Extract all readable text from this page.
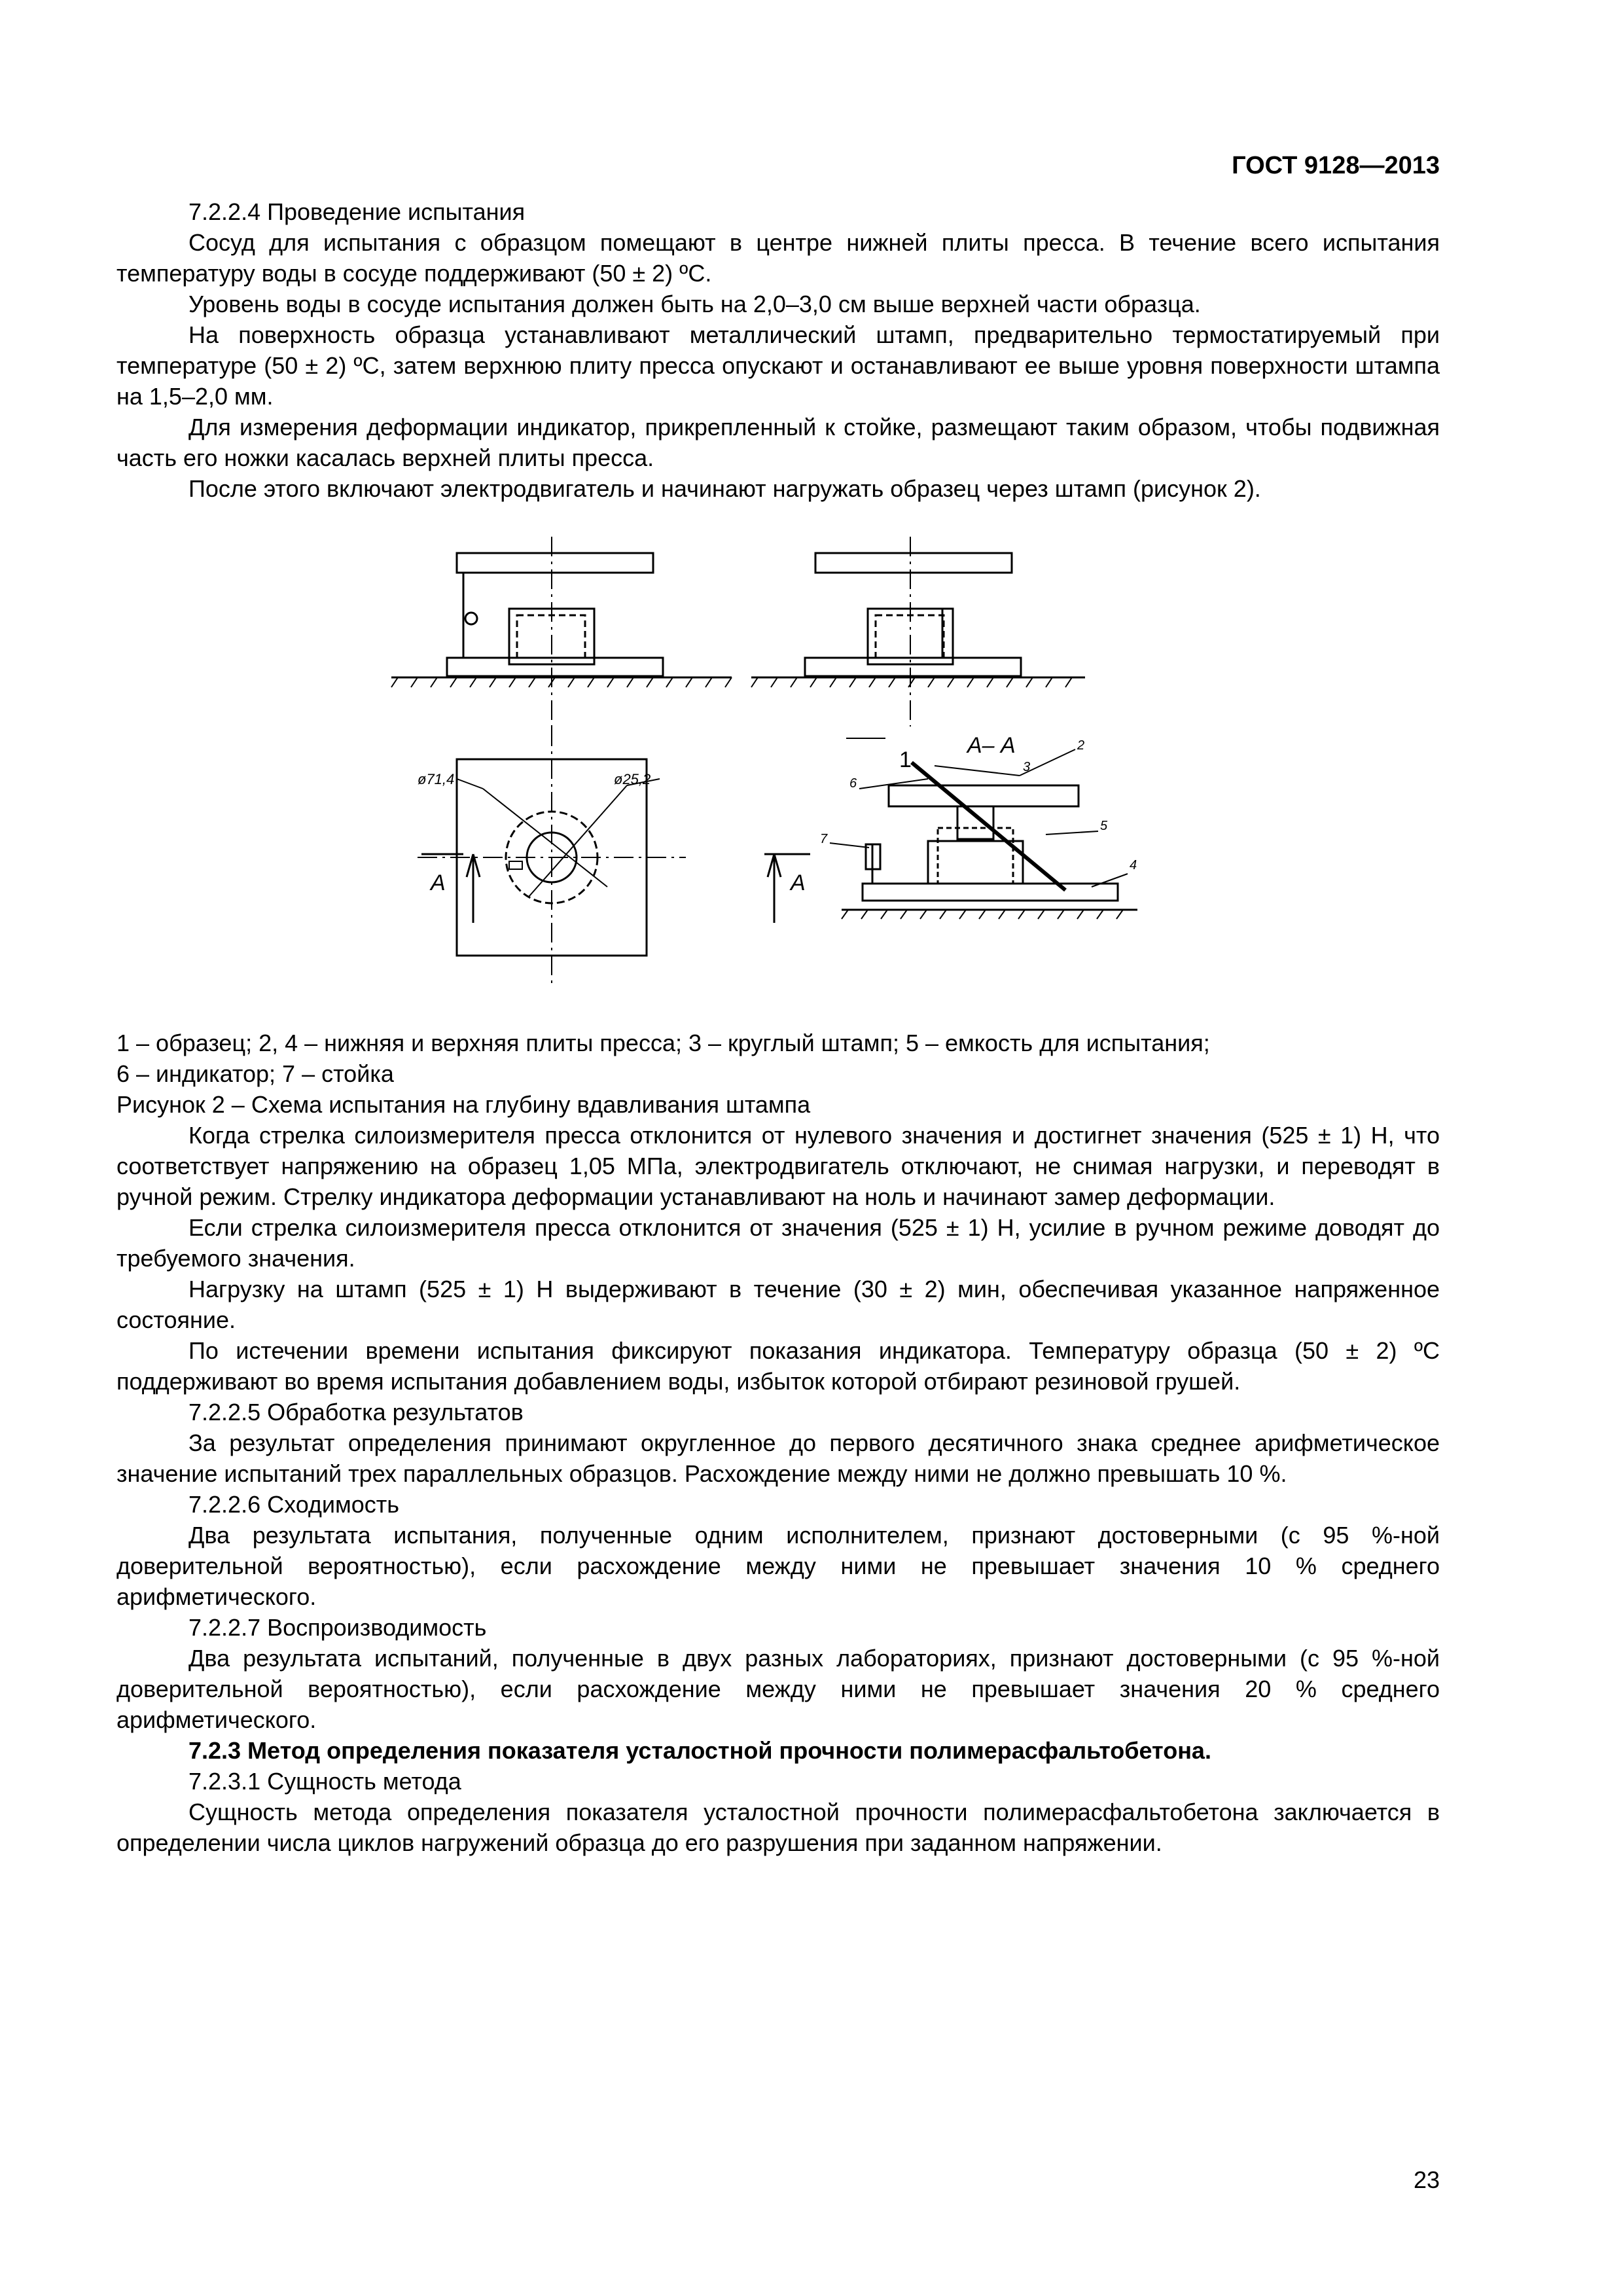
ГОСТ 9128—2013

7.2.2.4 Проведение испытания

Сосуд для испытания с образцом помещают в центре нижней плиты пресса. В течение всего испытания температуру воды в сосуде поддерживают (50 ± 2) ºС.

Уровень воды в сосуде испытания должен быть на 2,0–3,0 см выше верхней части образца.

На поверхность образца устанавливают металлический штамп, предварительно термостатируемый при температуре (50 ± 2) ºС, затем верхнюю плиту пресса опускают и останавливают ее выше уровня поверхности штампа на 1,5–2,0 мм.

Для измерения деформации индикатор, прикрепленный к стойке, размещают таким образом, чтобы подвижная часть его ножки касалась верхней плиты пресса.

После этого включают электродвигатель и начинают нагружать образец через штамп (рисунок 2).

ø71,4	ø25,2
А	А
А– А
1
2
3
4
5
6
7

1 – образец; 2, 4 – нижняя и верхняя плиты пресса; 3 – круглый штамп; 5 – емкость для испытания;

6 – индикатор; 7 – стойка

Рисунок 2 – Схема испытания на глубину вдавливания штампа

Когда стрелка силоизмерителя пресса отклонится от нулевого значения и достигнет значения (525 ± 1) Н, что соответствует напряжению на образец 1,05 МПа, электродвигатель отключают, не снимая нагрузки, и переводят в ручной режим. Стрелку индикатора деформации устанавливают на ноль и начинают замер деформации.

Если стрелка силоизмерителя пресса отклонится от значения (525 ± 1) Н, усилие в ручном режиме доводят до требуемого значения.

Нагрузку на штамп (525 ± 1) Н выдерживают в течение (30 ± 2) мин, обеспечивая указанное напряженное состояние.

По истечении времени испытания фиксируют показания индикатора. Температуру образца (50 ± 2) ºС поддерживают во время испытания добавлением воды, избыток которой отбирают резиновой грушей.

7.2.2.5 Обработка результатов

За результат определения принимают округленное до первого десятичного знака среднее арифметическое значение испытаний трех параллельных образцов. Расхождение между ними не должно превышать 10 %.

7.2.2.6 Сходимость

Два результата испытания, полученные одним исполнителем, признают достоверными (с 95 %-ной доверительной вероятностью), если расхождение между ними не превышает значения 10 % среднего арифметического.

7.2.2.7 Воспроизводимость

Два результата испытаний, полученные в двух разных лабораториях, признают достоверными (с 95 %-ной доверительной вероятностью), если расхождение между ними не превышает значения 20 % среднего арифметического.

7.2.3 Метод определения показателя усталостной прочности полимерасфальтобетона.

7.2.3.1 Сущность метода

Сущность метода определения показателя усталостной прочности полимерасфальтобетона заключается в определении числа циклов нагружений образца до его разрушения при заданном напряжении.

23
